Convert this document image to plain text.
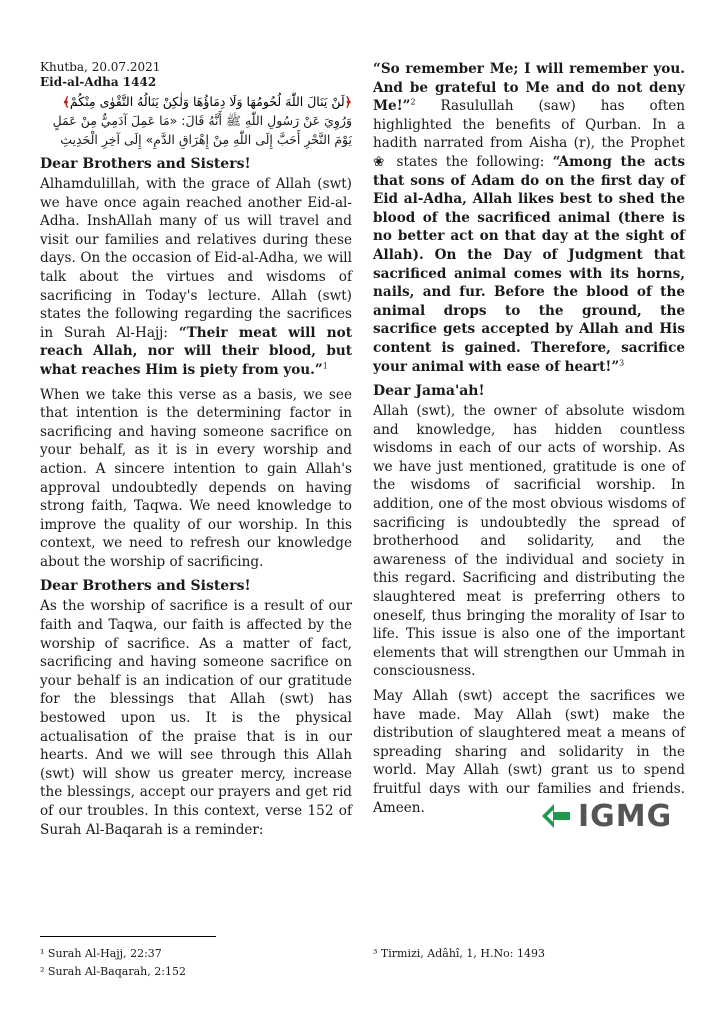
Khutba, 20.07.2021
Eid-al-Adha 1442
﴿لَنْ يَنَالَ اللّٰهَ لُحُومُهَا وَلَا دِمَاؤُهَا وَلٰكِنْ يَنَالُهُ التَّقْوٰى مِنْكُمْ﴾
وَرُوِيَ عَنْ رَسُولِ اللّٰهِ ﷺ أَنَّهُ قَالَ: «مَا عَمِلَ آدَمِيٌّ مِنْ عَمَلٍ
يَوْمَ النَّحْرِ أَحَبَّ إِلَى اللّٰهِ مِنْ إِهْرَاقِ الدَّمِ» إِلَى آخِرِ الْحَدِيثِ
Dear Brothers and Sisters!

Alhamdulillah, with the grace of Allah (swt) we have once again reached another Eid-al-Adha. InshAllah many of us will travel and visit our families and relatives during these days. On the occasion of Eid-al-Adha, we will talk about the virtues and wisdoms of sacrificing in Today's lecture. Allah (swt) states the following regarding the sacrifices in Surah Al-Hajj: “Their meat will not reach Allah, nor will their blood, but what reaches Him is piety from you.”$^1$

When we take this verse as a basis, we see that intention is the determining factor in sacrificing and having someone sacrifice on your behalf, as it is in every worship and action. A sincere intention to gain Allah's approval undoubtedly depends on having strong faith, Taqwa. We need knowledge to improve the quality of our worship. In this context, we need to refresh our knowledge about the worship of sacrificing.

Dear Brothers and Sisters!

As the worship of sacrifice is a result of our faith and Taqwa, our faith is affected by the worship of sacrifice. As a matter of fact, sacrificing and having someone sacrifice on your behalf is an indication of our gratitude for the blessings that Allah (swt) has bestowed upon us. It is the physical actualisation of the praise that is in our hearts. And we will see through this Allah (swt) will show us greater mercy, increase the blessings, accept our prayers and get rid of our troubles. In this context, verse 152 of Surah Al-Baqarah is a reminder:

“So remember Me; I will remember you. And be grateful to Me and do not deny Me!”$^2$ Rasulullah (saw) has often highlighted the benefits of Qurban. In a hadith narrated from Aisha (r), the Prophet ❀ states the following: “Among the acts that sons of Adam do on the first day of Eid al-Adha, Allah likes best to shed the blood of the sacrificed animal (there is no better act on that day at the sight of Allah). On the Day of Judgment that sacrificed animal comes with its horns, nails, and fur. Before the blood of the animal drops to the ground, the sacrifice gets accepted by Allah and His content is gained. Therefore, sacrifice your animal with ease of heart!”$^3$

Dear Jama'ah!

Allah (swt), the owner of absolute wisdom and knowledge, has hidden countless wisdoms in each of our acts of worship. As we have just mentioned, gratitude is one of the wisdoms of sacrificial worship. In addition, one of the most obvious wisdoms of sacrificing is undoubtedly the spread of brotherhood and solidarity, and the awareness of the individual and society in this regard. Sacrificing and distributing the slaughtered meat is preferring others to oneself, thus bringing the morality of Isar to life. This issue is also one of the important elements that will strengthen our Ummah in consciousness.

May Allah (swt) accept the sacrifices we have made. May Allah (swt) make the distribution of slaughtered meat a means of spreading sharing and solidarity in the world. May Allah (swt) grant us to spend fruitful days with our families and friends. Ameen.	IGMG
¹ Surah Al-Hajj, 22:37
² Surah Al-Baqarah, 2:152
³ Tirmizi, Adâhî, 1, H.No: 1493
